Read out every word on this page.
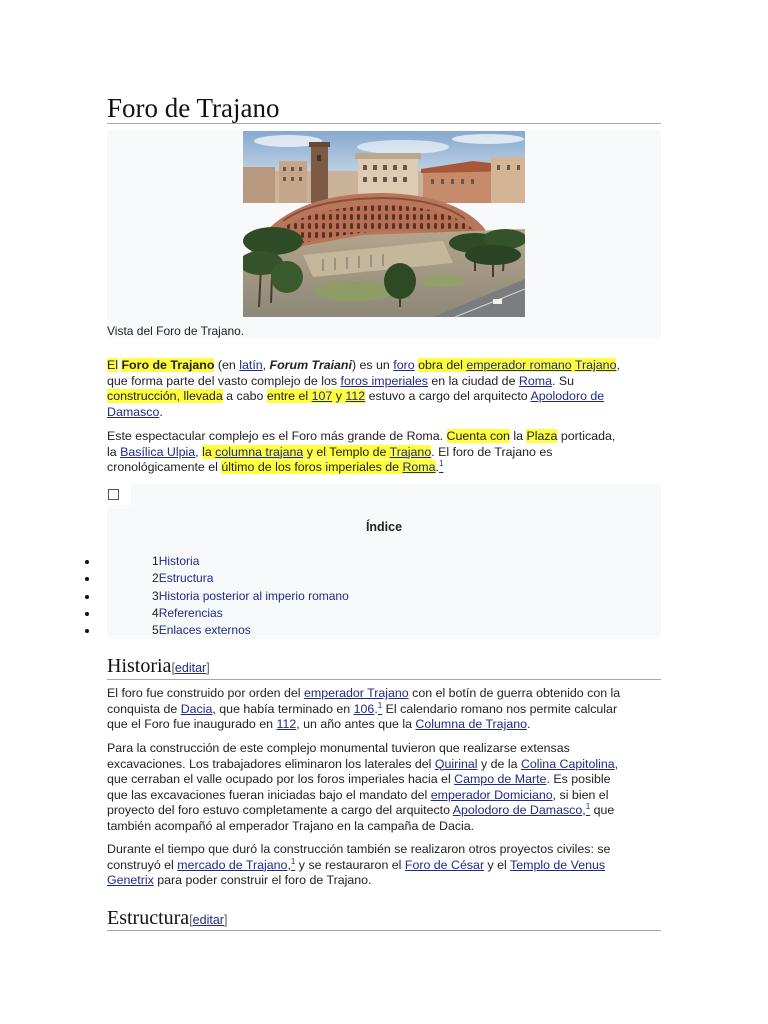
Foro de Trajano
Vista del Foro de Trajano.
El Foro de Trajano (en latín, Forum Traiani) es un foro obra del emperador romano Trajano,
que forma parte del vasto complejo de los foros imperiales en la ciudad de Roma. Su
construcción, llevada a cabo entre el 107 y 112 estuvo a cargo del arquitecto Apolodoro de
Damasco.
Este espectacular complejo es el Foro más grande de Roma. Cuenta con la Plaza porticada,
la Basílica Ulpia, la columna trajana y el Templo de Trajano. El foro de Trajano es
cronológicamente el último de los foros imperiales de Roma.$^1$
Índice
1Historia
2Estructura
3Historia posterior al imperio romano
4Referencias
5Enlaces externos
Historia[editar]
El foro fue construido por orden del emperador Trajano con el botín de guerra obtenido con la
conquista de Dacia, que había terminado en 106.$^1$ El calendario romano nos permite calcular
que el Foro fue inaugurado en 112, un año antes que la Columna de Trajano.
Para la construcción de este complejo monumental tuvieron que realizarse extensas
excavaciones. Los trabajadores eliminaron los laterales del Quirinal y de la Colina Capitolina,
que cerraban el valle ocupado por los foros imperiales hacia el Campo de Marte. Es posible
que las excavaciones fueran iniciadas bajo el mandato del emperador Domiciano, si bien el
proyecto del foro estuvo completamente a cargo del arquitecto Apolodoro de Damasco,$^1$ que
también acompañó al emperador Trajano en la campaña de Dacia.
Durante el tiempo que duró la construcción también se realizaron otros proyectos civiles: se
construyó el mercado de Trajano,$^1$ y se restauraron el Foro de César y el Templo de Venus
Genetrix para poder construir el foro de Trajano.
Estructura[editar]
